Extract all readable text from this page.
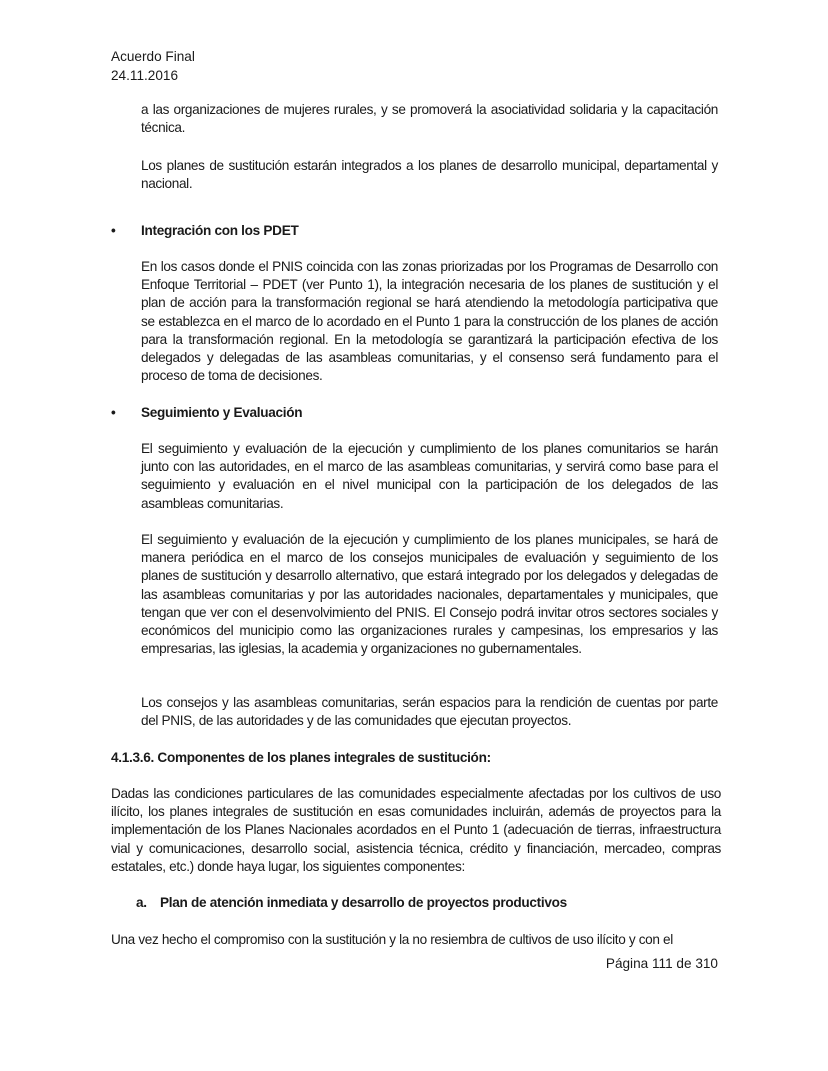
Acuerdo Final
24.11.2016

a las organizaciones de mujeres rurales, y se promoverá la asociatividad solidaria y la capacitación técnica.

Los planes de sustitución estarán integrados a los planes de desarrollo municipal, departamental y nacional.

• Integración con los PDET

En los casos donde el PNIS coincida con las zonas priorizadas por los Programas de Desarrollo con Enfoque Territorial – PDET (ver Punto 1), la integración necesaria de los planes de sustitución y el plan de acción para la transformación regional se hará atendiendo la metodología participativa que se establezca en el marco de lo acordado en el Punto 1 para la construcción de los planes de acción para la transformación regional. En la metodología se garantizará la participación efectiva de los delegados y delegadas de las asambleas comunitarias, y el consenso será fundamento para el proceso de toma de decisiones.

• Seguimiento y Evaluación

El seguimiento y evaluación de la ejecución y cumplimiento de los planes comunitarios se harán junto con las autoridades, en el marco de las asambleas comunitarias, y servirá como base para el seguimiento y evaluación en el nivel municipal con la participación de los delegados de las asambleas comunitarias.

El seguimiento y evaluación de la ejecución y cumplimiento de los planes municipales, se hará de manera periódica en el marco de los consejos municipales de evaluación y seguimiento de los planes de sustitución y desarrollo alternativo, que estará integrado por los delegados y delegadas de las asambleas comunitarias y por las autoridades nacionales, departamentales y municipales, que tengan que ver con el desenvolvimiento del PNIS. El Consejo podrá invitar otros sectores sociales y económicos del municipio como las organizaciones rurales y campesinas, los empresarios y las empresarias, las iglesias, la academia y organizaciones no gubernamentales.

Los consejos y las asambleas comunitarias, serán espacios para la rendición de cuentas por parte del PNIS, de las autoridades y de las comunidades que ejecutan proyectos.

4.1.3.6. Componentes de los planes integrales de sustitución:

Dadas las condiciones particulares de las comunidades especialmente afectadas por los cultivos de uso ilícito, los planes integrales de sustitución en esas comunidades incluirán, además de proyectos para la implementación de los Planes Nacionales acordados en el Punto 1 (adecuación de tierras, infraestructura vial y comunicaciones, desarrollo social, asistencia técnica, crédito y financiación, mercadeo, compras estatales, etc.) donde haya lugar, los siguientes componentes:

a. Plan de atención inmediata y desarrollo de proyectos productivos
Una vez hecho el compromiso con la sustitución y la no resiembra de cultivos de uso ilícito y con el
Página 111 de 310
